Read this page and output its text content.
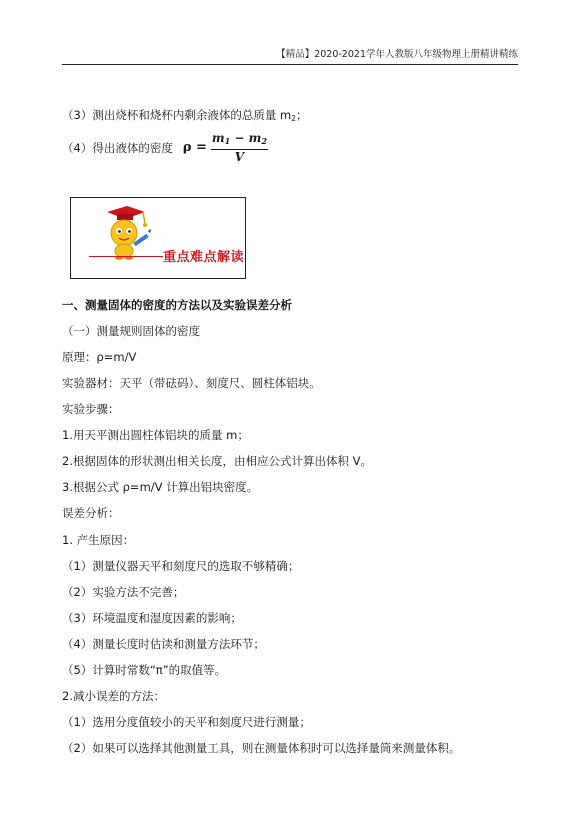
【精品】2020-2021学年人教版八年级物理上册精讲精练
（3）测出烧杯和烧杯内剩余液体的总质量 $m_2$；
（4）得出液体的密度 $\rho = \frac{m1 - m2}{V}$
重点难点解读
一、测量固体的密度的方法以及实验误差分析
（一）测量规则固体的密度
原理：ρ=m/V
实验器材：天平（带砝码）、刻度尺、圆柱体铝块。
实验步骤：
1.用天平测出圆柱体铝块的质量 m；
2.根据固体的形状测出相关长度，由相应公式计算出体积 V。
3.根据公式 ρ=m/V 计算出铝块密度。
误差分析：
1. 产生原因：
（1）测量仪器天平和刻度尺的选取不够精确；
（2）实验方法不完善；
（3）环境温度和湿度因素的影响；
（4）测量长度时估读和测量方法环节；
（5）计算时常数“π”的取值等。
2.减小误差的方法：
（1）选用分度值较小的天平和刻度尺进行测量；
（2）如果可以选择其他测量工具，则在测量体积时可以选择量筒来测量体积。
